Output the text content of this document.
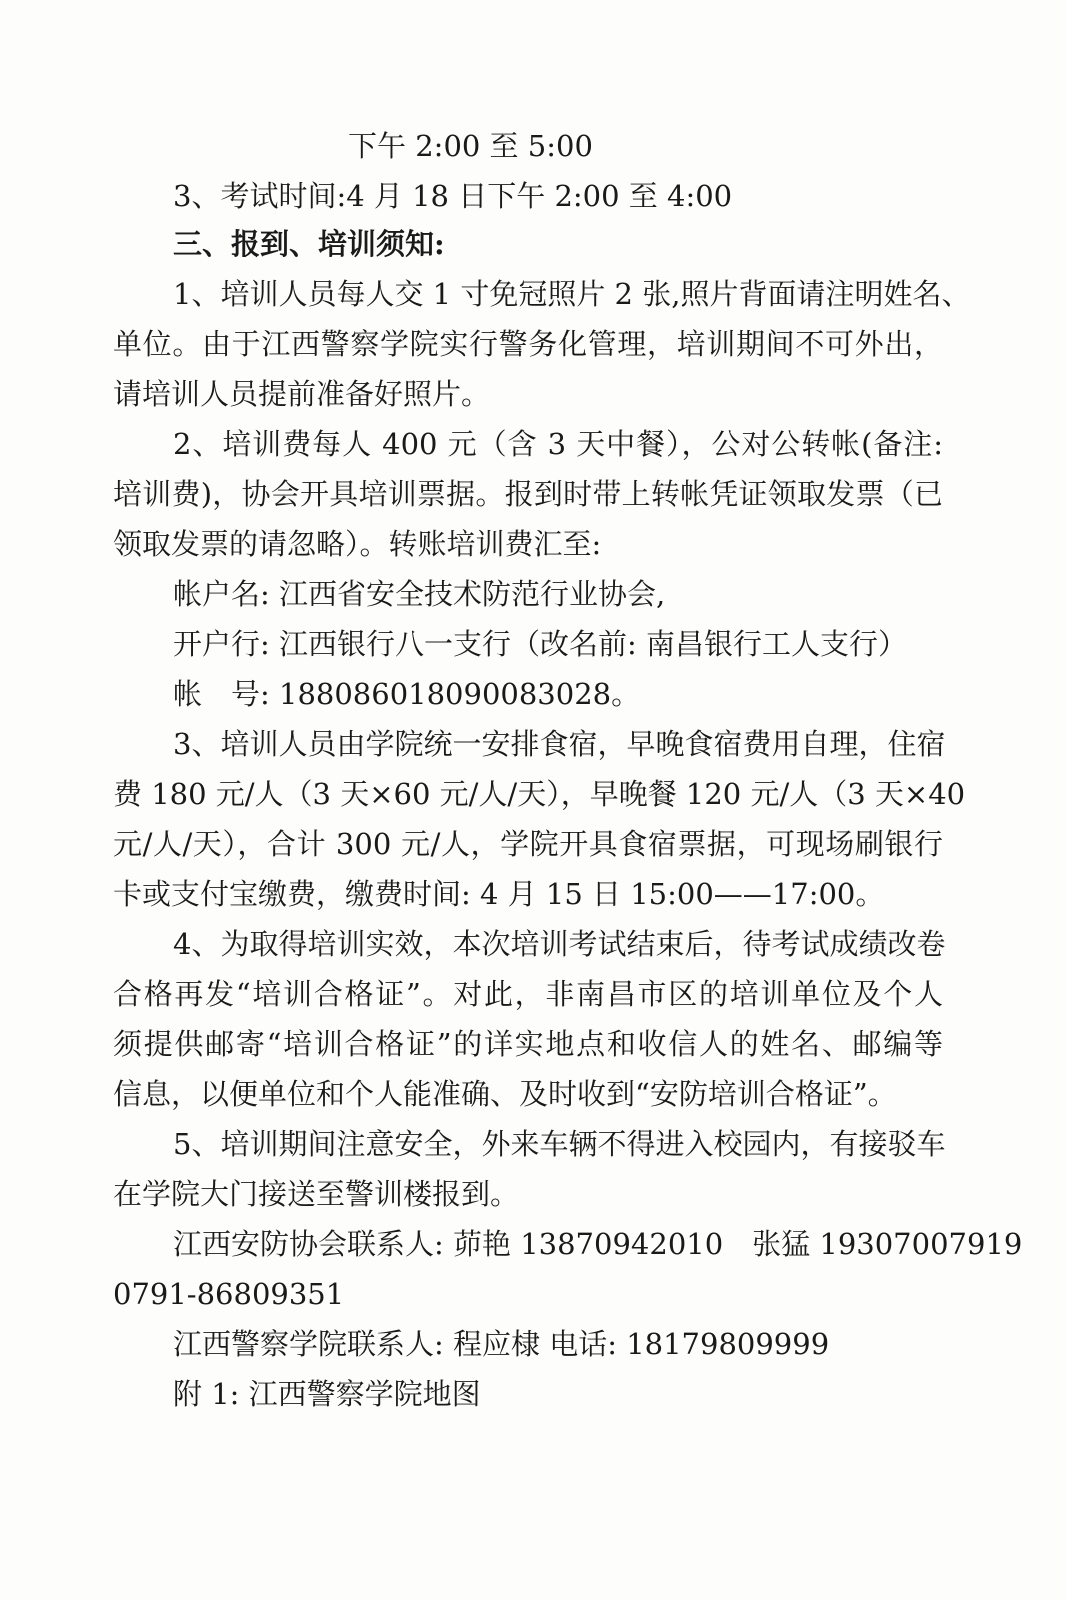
下午 2:00 至 5:00
3、考试时间:4 月 18 日下午 2:00 至 4:00
三、报到、培训须知:
1、培训人员每人交 1 寸免冠照片 2 张,照片背面请注明姓名、
单位。由于江西警察学院实行警务化管理，培训期间不可外出，
请培训人员提前准备好照片。
2、培训费每人 400 元（含 3 天中餐），公对公转帐(备注:
培训费)，协会开具培训票据。报到时带上转帐凭证领取发票（已
领取发票的请忽略）。转账培训费汇至:
帐户名: 江西省安全技术防范行业协会,
开户行: 江西银行八一支行（改名前: 南昌银行工人支行）
帐　号: 188086018090083028。
3、培训人员由学院统一安排食宿，早晚食宿费用自理，住宿
费 180 元/人（3 天×60 元/人/天），早晚餐 120 元/人（3 天×40
元/人/天），合计 300 元/人，学院开具食宿票据，可现场刷银行
卡或支付宝缴费，缴费时间: 4 月 15 日 15:00——17:00。
4、为取得培训实效，本次培训考试结束后，待考试成绩改卷
合格再发“培训合格证”。对此，非南昌市区的培训单位及个人
须提供邮寄“培训合格证”的详实地点和收信人的姓名、邮编等
信息，以便单位和个人能准确、及时收到“安防培训合格证”。
5、培训期间注意安全，外来车辆不得进入校园内，有接驳车
在学院大门接送至警训楼报到。
江西安防协会联系人: 茆艳 13870942010　张猛 19307007919
0791-86809351
江西警察学院联系人: 程应棣 电话: 18179809999
附 1: 江西警察学院地图
